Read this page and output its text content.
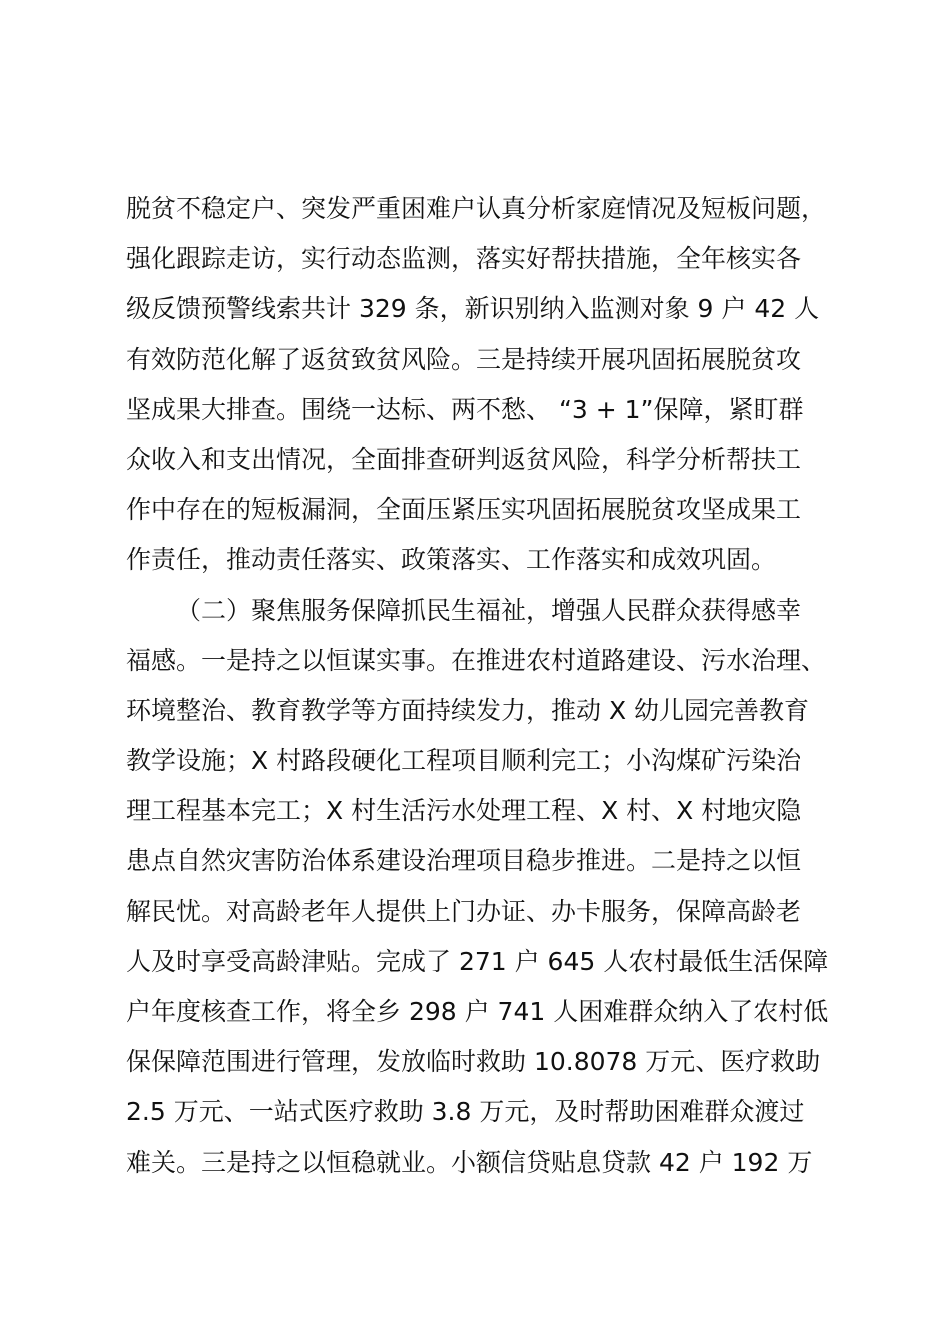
脱贫不稳定户、突发严重困难户认真分析家庭情况及短板问题，
强化跟踪走访，实行动态监测，落实好帮扶措施，全年核实各
级反馈预警线索共计 329 条，新识别纳入监测对象 9 户 42 人
有效防范化解了返贫致贫风险。三是持续开展巩固拓展脱贫攻
坚成果大排查。围绕一达标、两不愁、 “3 + 1”保障，紧盯群
众收入和支出情况，全面排查研判返贫风险，科学分析帮扶工
作中存在的短板漏洞，全面压紧压实巩固拓展脱贫攻坚成果工
作责任，推动责任落实、政策落实、工作落实和成效巩固。
（二）聚焦服务保障抓民生福祉，增强人民群众获得感幸
福感。一是持之以恒谋实事。在推进农村道路建设、污水治理、
环境整治、教育教学等方面持续发力，推动 X 幼儿园完善教育
教学设施；X 村路段硬化工程项目顺利完工；小沟煤矿污染治
理工程基本完工；X 村生活污水处理工程、X 村、X 村地灾隐
患点自然灾害防治体系建设治理项目稳步推进。二是持之以恒
解民忧。对高龄老年人提供上门办证、办卡服务，保障高龄老
人及时享受高龄津贴。完成了 271 户 645 人农村最低生活保障
户年度核查工作，将全乡 298 户 741 人困难群众纳入了农村低
保保障范围进行管理，发放临时救助 10.8078 万元、医疗救助
2.5 万元、一站式医疗救助 3.8 万元，及时帮助困难群众渡过
难关。三是持之以恒稳就业。小额信贷贴息贷款 42 户 192 万
